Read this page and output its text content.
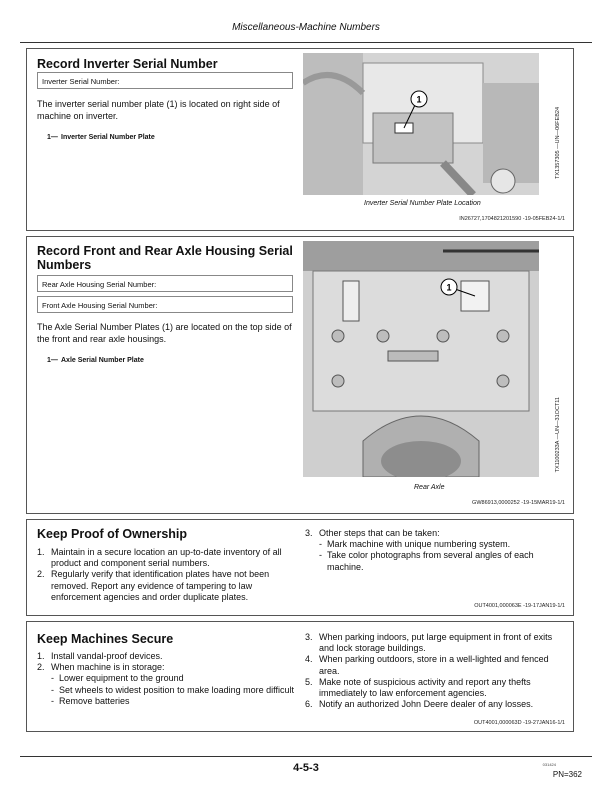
Miscellaneous-Machine Numbers
Record Inverter Serial Number
Inverter Serial Number:
The inverter serial number plate (1) is located on right side of machine on inverter.
1— Inverter Serial Number Plate
1
TX1357305 —UN—06FEB24
Inverter Serial Number Plate Location
IN26727,1704821201590 -19-05FEB24-1/1
Record Front and Rear Axle Housing Serial Numbers
Rear Axle Housing Serial Number:
Front Axle Housing Serial Number:
The Axle Serial Number Plates (1) are located on the top side of the front and rear axle housings.
1— Axle Serial Number Plate
1
TX1100233A —UN—31OCT11
Rear Axle
GW86913,0000252 -19-15MAR19-1/1
Keep Proof of Ownership
1. Maintain in a secure location an up-to-date inventory of all product and component serial numbers.
2. Regularly verify that identification plates have not been removed. Report any evidence of tampering to law enforcement agencies and order duplicate plates.
3. Other steps that can be taken:
- Mark machine with unique numbering system.
- Take color photographs from several angles of each machine.
OUT4001,000063E -19-17JAN19-1/1
Keep Machines Secure
1. Install vandal-proof devices.
2. When machine is in storage:
- Lower equipment to the ground
- Set wheels to widest position to make loading more difficult
- Remove batteries
3. When parking indoors, put large equipment in front of exits and lock storage buildings.
4. When parking outdoors, store in a well-lighted and fenced area.
5. Make note of suspicious activity and report any thefts immediately to law enforcement agencies.
6. Notify an authorized John Deere dealer of any losses.
OUT4001,000063D -19-27JAN16-1/1
4-5-3	031424
PN=362
